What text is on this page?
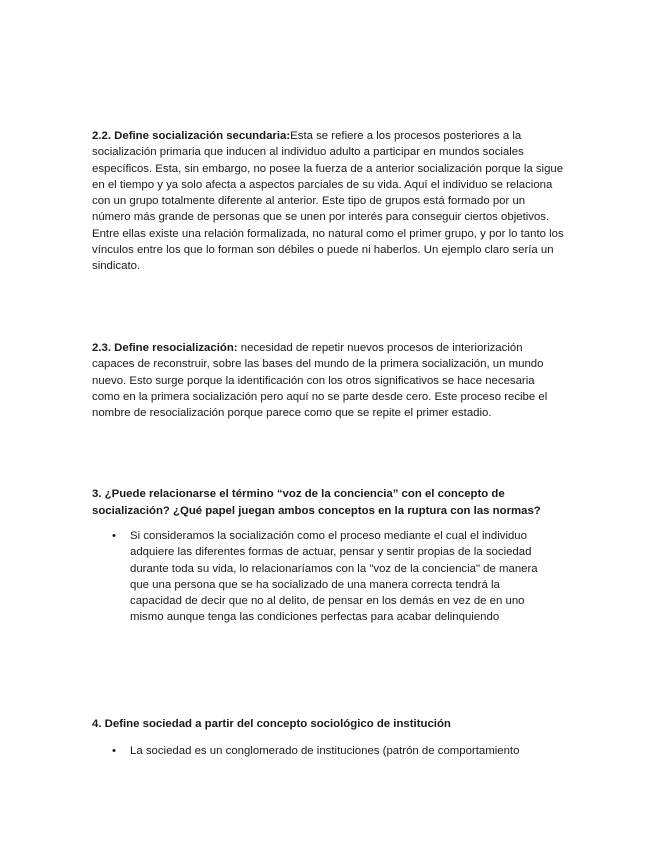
2.2. Define socialización secundaria:Esta se refiere a los procesos posteriores a la socialización primaria que inducen al individuo adulto a participar en mundos sociales específicos. Esta, sin embargo, no posee la fuerza de a anterior socialización porque la sigue en el tiempo y ya solo afecta a aspectos parciales de su vida. Aquí el individuo se relaciona con un grupo totalmente diferente al anterior. Este tipo de grupos está formado por un número más grande de personas que se unen por interés para conseguir ciertos objetivos. Entre ellas existe una relación formalizada, no natural como el primer grupo, y por lo tanto los vínculos entre los que lo forman son débiles o puede ni haberlos. Un ejemplo claro sería un sindicato.
2.3. Define resocialización: necesidad de repetir nuevos procesos de interiorización capaces de reconstruir, sobre las bases del mundo de la primera socialización, un mundo nuevo. Esto surge porque la identificación con los otros significativos se hace necesaria como en la primera socialización pero aquí no se parte desde cero. Este proceso recibe el nombre de resocialización porque parece como que se repite el primer estadio.
3. ¿Puede relacionarse el término “voz de la conciencia” con el concepto de socialización? ¿Qué papel juegan ambos conceptos en la ruptura con las normas?
• Si consideramos la socialización como el proceso mediante el cual el individuo adquiere las diferentes formas de actuar, pensar y sentir propias de la sociedad durante toda su vida, lo relacionaríamos con la "voz de la conciencia" de manera que una persona que se ha socializado de una manera correcta tendrá la capacidad de decir que no al delito, de pensar en los demás en vez de en uno mismo aunque tenga las condiciones perfectas para acabar delinquiendo
4. Define sociedad a partir del concepto sociológico de institución
• La sociedad es un conglomerado de instituciones (patrón de comportamiento
